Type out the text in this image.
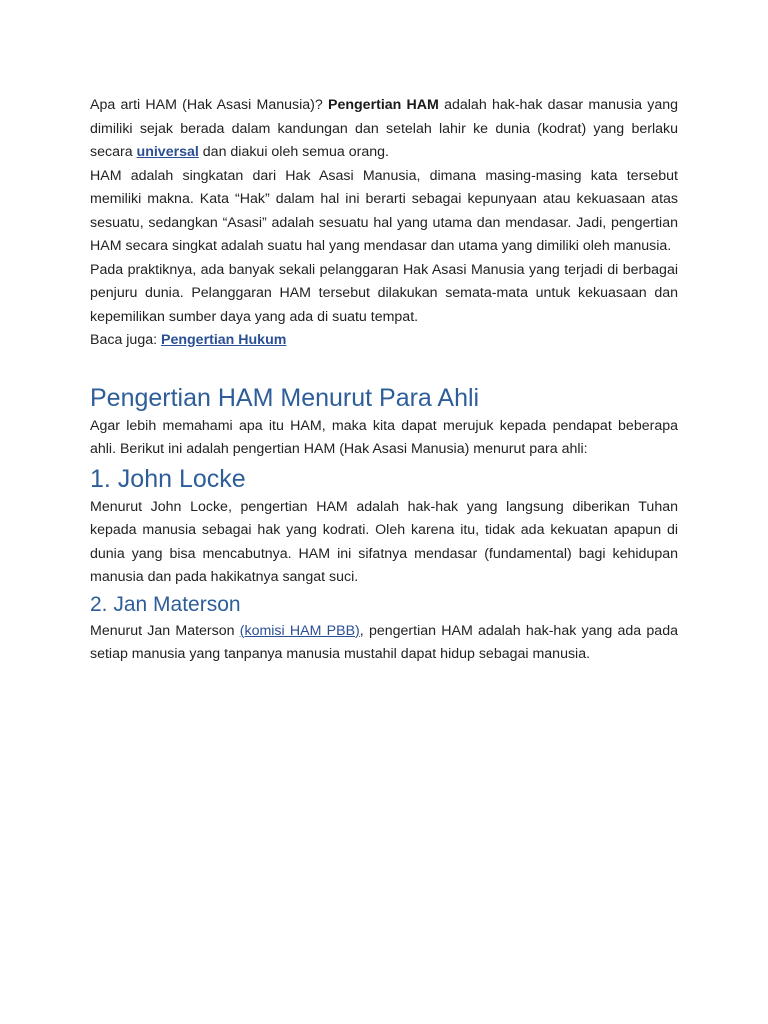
Apa arti HAM (Hak Asasi Manusia)? Pengertian HAM adalah hak-hak dasar manusia yang dimiliki sejak berada dalam kandungan dan setelah lahir ke dunia (kodrat) yang berlaku secara universal dan diakui oleh semua orang.

HAM adalah singkatan dari Hak Asasi Manusia, dimana masing-masing kata tersebut memiliki makna. Kata “Hak” dalam hal ini berarti sebagai kepunyaan atau kekuasaan atas sesuatu, sedangkan “Asasi” adalah sesuatu hal yang utama dan mendasar. Jadi, pengertian HAM secara singkat adalah suatu hal yang mendasar dan utama yang dimiliki oleh manusia.

Pada praktiknya, ada banyak sekali pelanggaran Hak Asasi Manusia yang terjadi di berbagai penjuru dunia. Pelanggaran HAM tersebut dilakukan semata-mata untuk kekuasaan dan kepemilikan sumber daya yang ada di suatu tempat.

Baca juga: Pengertian Hukum

Pengertian HAM Menurut Para Ahli

Agar lebih memahami apa itu HAM, maka kita dapat merujuk kepada pendapat beberapa ahli. Berikut ini adalah pengertian HAM (Hak Asasi Manusia) menurut para ahli:

1. John Locke

Menurut John Locke, pengertian HAM adalah hak-hak yang langsung diberikan Tuhan kepada manusia sebagai hak yang kodrati. Oleh karena itu, tidak ada kekuatan apapun di dunia yang bisa mencabutnya. HAM ini sifatnya mendasar (fundamental) bagi kehidupan manusia dan pada hakikatnya sangat suci.

2. Jan Materson

Menurut Jan Materson (komisi HAM PBB), pengertian HAM adalah hak-hak yang ada pada setiap manusia yang tanpanya manusia mustahil dapat hidup sebagai manusia.
